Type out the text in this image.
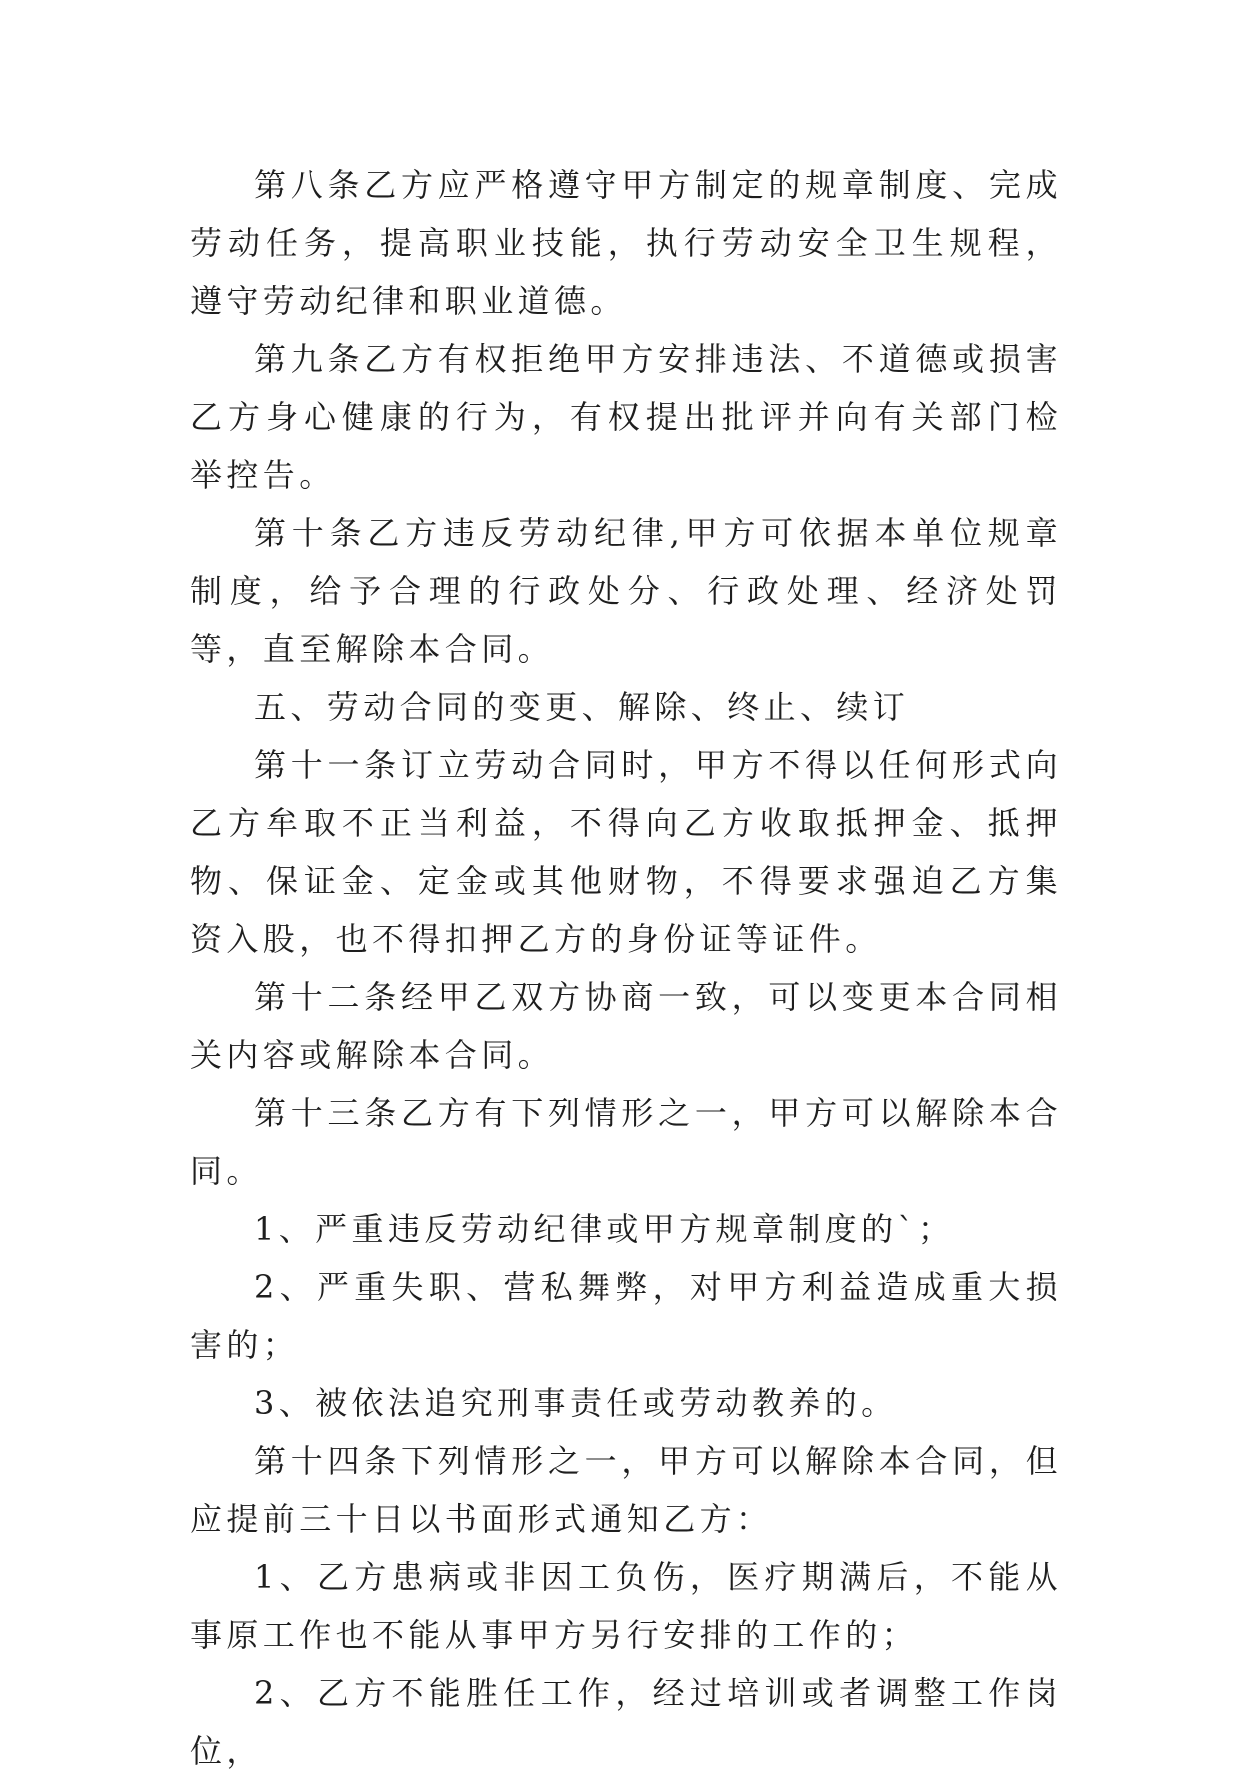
第八条乙方应严格遵守甲方制定的规章制度、完成劳动任务，提高职业技能，执行劳动安全卫生规程，遵守劳动纪律和职业道德。

第九条乙方有权拒绝甲方安排违法、不道德或损害乙方身心健康的行为，有权提出批评并向有关部门检举控告。

第十条乙方违反劳动纪律,甲方可依据本单位规章制度，给予合理的行政处分、行政处理、经济处罚等，直至解除本合同。

五、劳动合同的变更、解除、终止、续订

第十一条订立劳动合同时，甲方不得以任何形式向乙方牟取不正当利益，不得向乙方收取抵押金、抵押物、保证金、定金或其他财物，不得要求强迫乙方集资入股，也不得扣押乙方的身份证等证件。

第十二条经甲乙双方协商一致，可以变更本合同相关内容或解除本合同。

第十三条乙方有下列情形之一，甲方可以解除本合同。

1、严重违反劳动纪律或甲方规章制度的`；

2、严重失职、营私舞弊，对甲方利益造成重大损害的；

3、被依法追究刑事责任或劳动教养的。

第十四条下列情形之一，甲方可以解除本合同，但应提前三十日以书面形式通知乙方：

1、乙方患病或非因工负伤，医疗期满后，不能从事原工作也不能从事甲方另行安排的工作的；

2、乙方不能胜任工作，经过培训或者调整工作岗位，
